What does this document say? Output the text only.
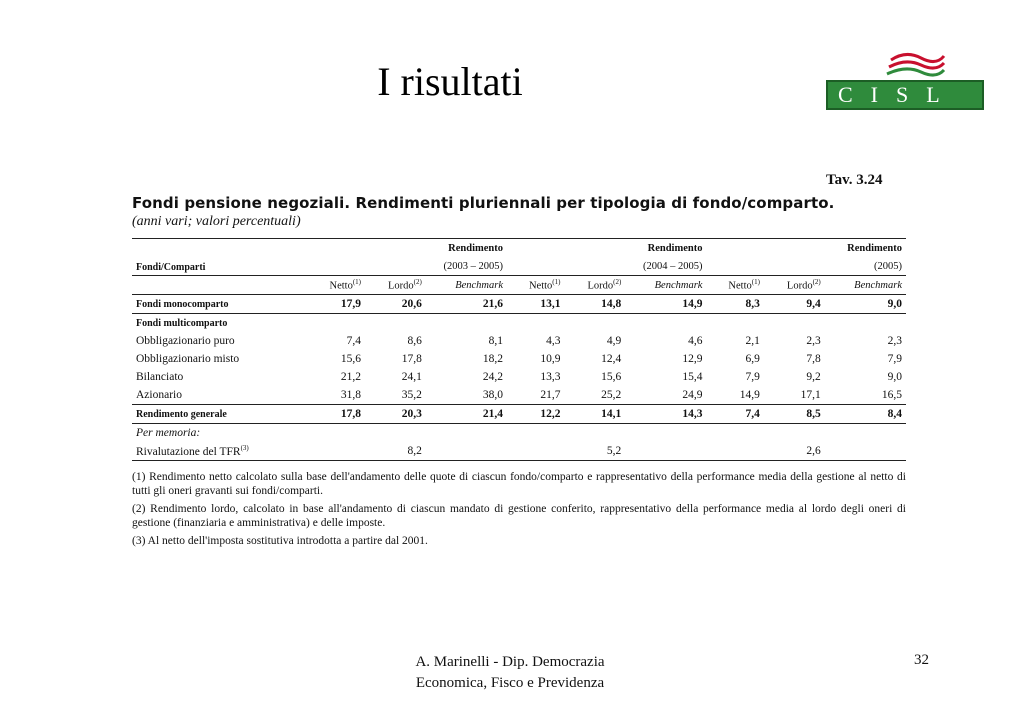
I risultati	CISL
Tav. 3.24
Fondi pensione negoziali. Rendimenti pluriennali per tipologia di fondo/comparto.
(anni vari; valori percentuali)
Fondi/Comparti	Rendimento			Rendimento			Rendimento		
	(2003 – 2005)			(2004 – 2005)			(2005)		
	Netto$^{(1)}$	Lordo$^{(2)}$	Benchmark	Netto$^{(1)}$	Lordo$^{(2)}$	Benchmark	Netto$^{(1)}$	Lordo$^{(2)}$	Benchmark
Fondi monocomparto	17,9	20,6	21,6	13,1	14,8	14,9	8,3	9,4	9,0
Fondi multicomparto									
Obbligazionario puro	7,4	8,6	8,1	4,3	4,9	4,6	2,1	2,3	2,3
Obbligazionario misto	15,6	17,8	18,2	10,9	12,4	12,9	6,9	7,8	7,9
Bilanciato	21,2	24,1	24,2	13,3	15,6	15,4	7,9	9,2	9,0
Azionario	31,8	35,2	38,0	21,7	25,2	24,9	14,9	17,1	16,5
Rendimento generale	17,8	20,3	21,4	12,2	14,1	14,3	7,4	8,5	8,4
Per memoria:									
Rivalutazione del TFR$^{(3)}$		8,2			5,2			2,6	

(1) Rendimento netto calcolato sulla base dell'andamento delle quote di ciascun fondo/comparto e rappresentativo della performance media della gestione al netto di tutti gli oneri gravanti sui fondi/comparti.

(2) Rendimento lordo, calcolato in base all'andamento di ciascun mandato di gestione conferito, rappresentativo della performance media al lordo degli oneri di gestione (finanziaria e amministrativa) e delle imposte.

(3) Al netto dell'imposta sostitutiva introdotta a partire dal 2001.

A. Marinelli - Dip. Democrazia
Economica, Fisco e Previdenza
32
